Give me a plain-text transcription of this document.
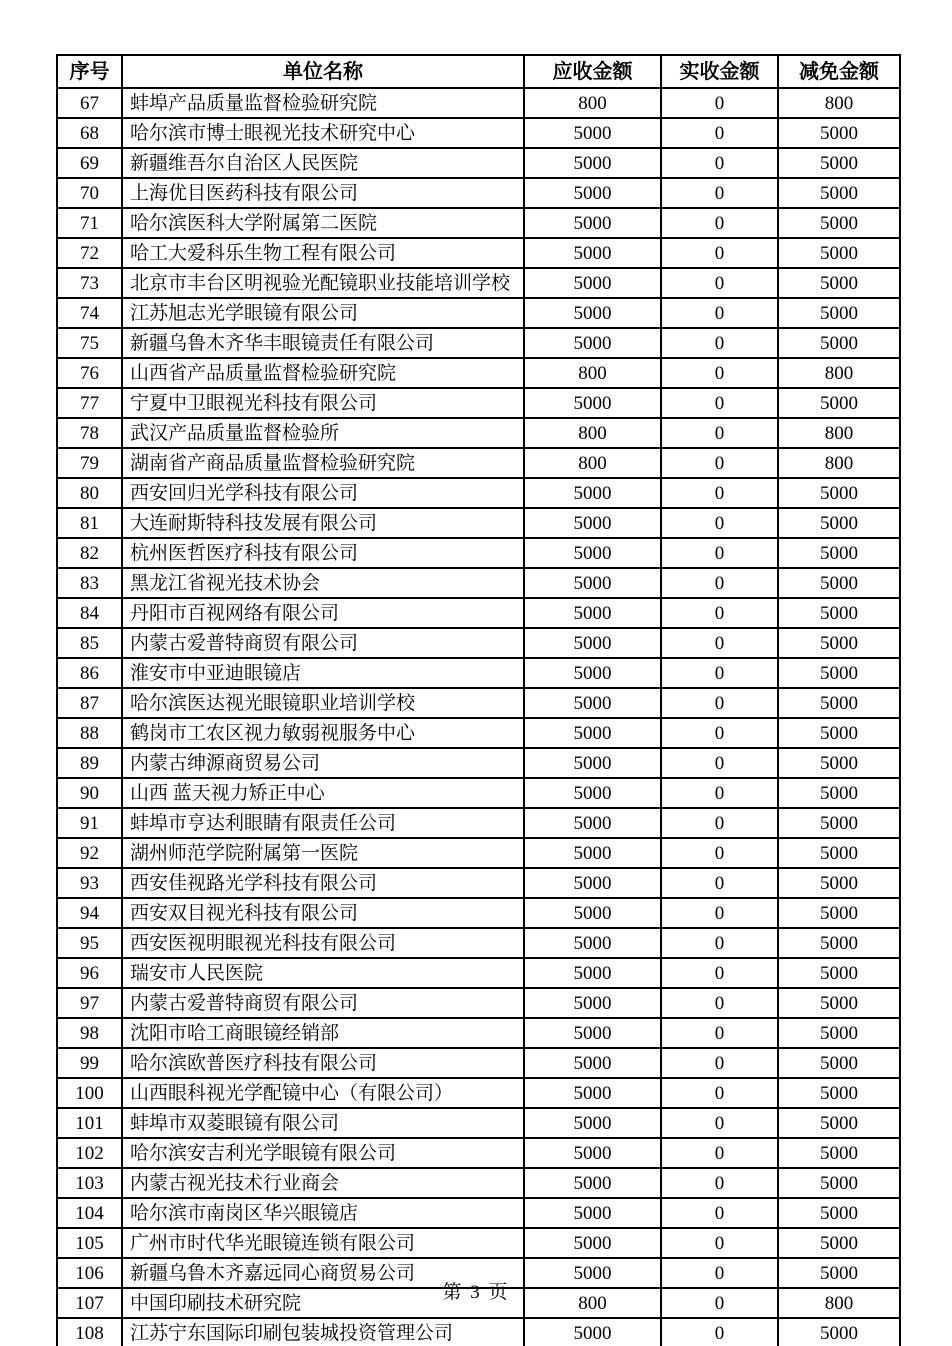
序号	单位名称	应收金额	实收金额	减免金额
67	蚌埠产品质量监督检验研究院	800	0	800
68	哈尔滨市博士眼视光技术研究中心	5000	0	5000
69	新疆维吾尔自治区人民医院	5000	0	5000
70	上海优目医药科技有限公司	5000	0	5000
71	哈尔滨医科大学附属第二医院	5000	0	5000
72	哈工大爱科乐生物工程有限公司	5000	0	5000
73	北京市丰台区明视验光配镜职业技能培训学校	5000	0	5000
74	江苏旭志光学眼镜有限公司	5000	0	5000
75	新疆乌鲁木齐华丰眼镜责任有限公司	5000	0	5000
76	山西省产品质量监督检验研究院	800	0	800
77	宁夏中卫眼视光科技有限公司	5000	0	5000
78	武汉产品质量监督检验所	800	0	800
79	湖南省产商品质量监督检验研究院	800	0	800
80	西安回归光学科技有限公司	5000	0	5000
81	大连耐斯特科技发展有限公司	5000	0	5000
82	杭州医哲医疗科技有限公司	5000	0	5000
83	黑龙江省视光技术协会	5000	0	5000
84	丹阳市百视网络有限公司	5000	0	5000
85	内蒙古爱普特商贸有限公司	5000	0	5000
86	淮安市中亚迪眼镜店	5000	0	5000
87	哈尔滨医达视光眼镜职业培训学校	5000	0	5000
88	鹤岗市工农区视力敏弱视服务中心	5000	0	5000
89	内蒙古绅源商贸易公司	5000	0	5000
90	山西 蓝天视力矫正中心	5000	0	5000
91	蚌埠市亨达利眼睛有限责任公司	5000	0	5000
92	湖州师范学院附属第一医院	5000	0	5000
93	西安佳视路光学科技有限公司	5000	0	5000
94	西安双目视光科技有限公司	5000	0	5000
95	西安医视明眼视光科技有限公司	5000	0	5000
96	瑞安市人民医院	5000	0	5000
97	内蒙古爱普特商贸有限公司	5000	0	5000
98	沈阳市哈工商眼镜经销部	5000	0	5000
99	哈尔滨欧普医疗科技有限公司	5000	0	5000
100	山西眼科视光学配镜中心（有限公司）	5000	0	5000
101	蚌埠市双菱眼镜有限公司	5000	0	5000
102	哈尔滨安吉利光学眼镜有限公司	5000	0	5000
103	内蒙古视光技术行业商会	5000	0	5000
104	哈尔滨市南岗区华兴眼镜店	5000	0	5000
105	广州市时代华光眼镜连锁有限公司	5000	0	5000
106	新疆乌鲁木齐嘉远同心商贸易公司	5000	0	5000
107	中国印刷技术研究院	800	0	800
108	江苏宁东国际印刷包装城投资管理公司	5000	0	5000
第 3 页
